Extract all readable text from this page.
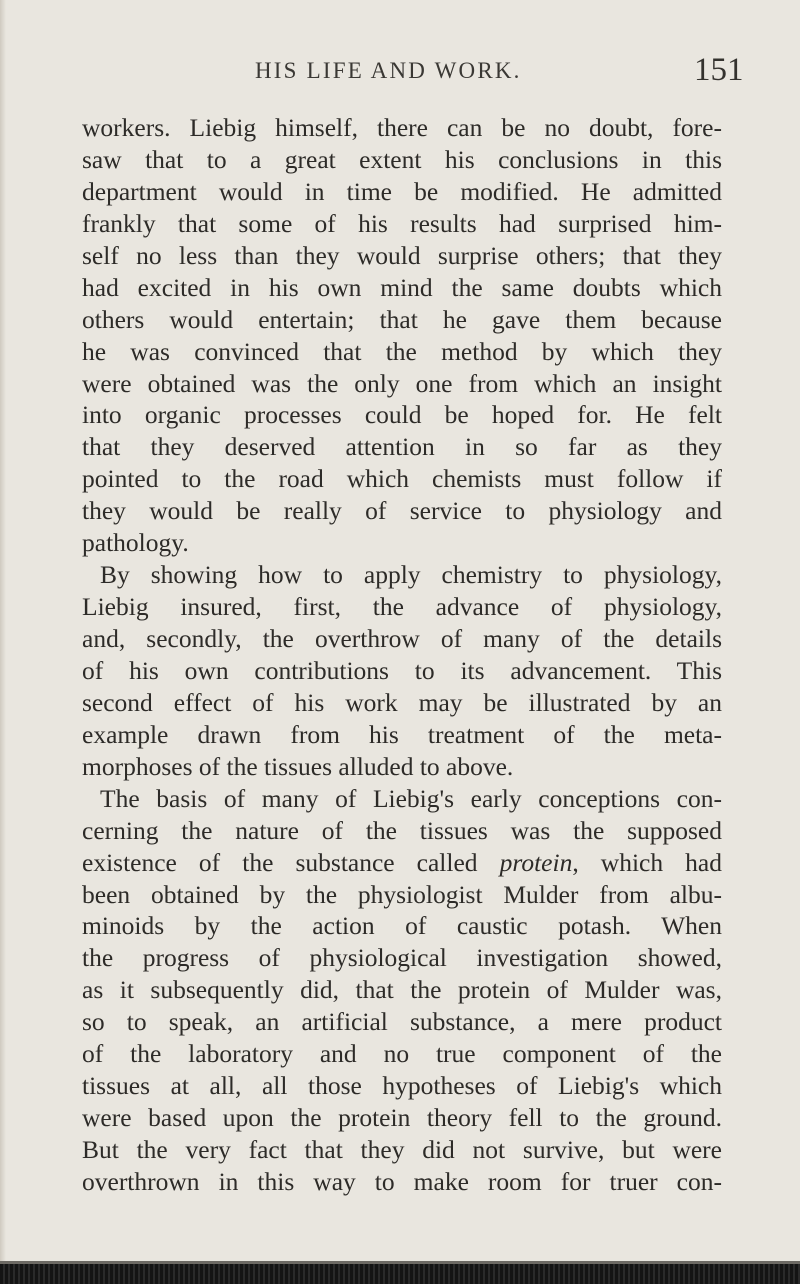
HIS LIFE AND WORK.	151
workers. Liebig himself, there can be no doubt, fore-
saw that to a great extent his conclusions in this
department would in time be modified. He admitted
frankly that some of his results had surprised him-
self no less than they would surprise others; that they
had excited in his own mind the same doubts which
others would entertain; that he gave them because
he was convinced that the method by which they
were obtained was the only one from which an insight
into organic processes could be hoped for. He felt
that they deserved attention in so far as they
pointed to the road which chemists must follow if
they would be really of service to physiology and
pathology.
By showing how to apply chemistry to physiology,
Liebig insured, first, the advance of physiology,
and, secondly, the overthrow of many of the details
of his own contributions to its advancement. This
second effect of his work may be illustrated by an
example drawn from his treatment of the meta-
morphoses of the tissues alluded to above.
The basis of many of Liebig's early conceptions con-
cerning the nature of the tissues was the supposed
existence of the substance called protein, which had
been obtained by the physiologist Mulder from albu-
minoids by the action of caustic potash. When
the progress of physiological investigation showed,
as it subsequently did, that the protein of Mulder was,
so to speak, an artificial substance, a mere product
of the laboratory and no true component of the
tissues at all, all those hypotheses of Liebig's which
were based upon the protein theory fell to the ground.
But the very fact that they did not survive, but were
overthrown in this way to make room for truer con-
